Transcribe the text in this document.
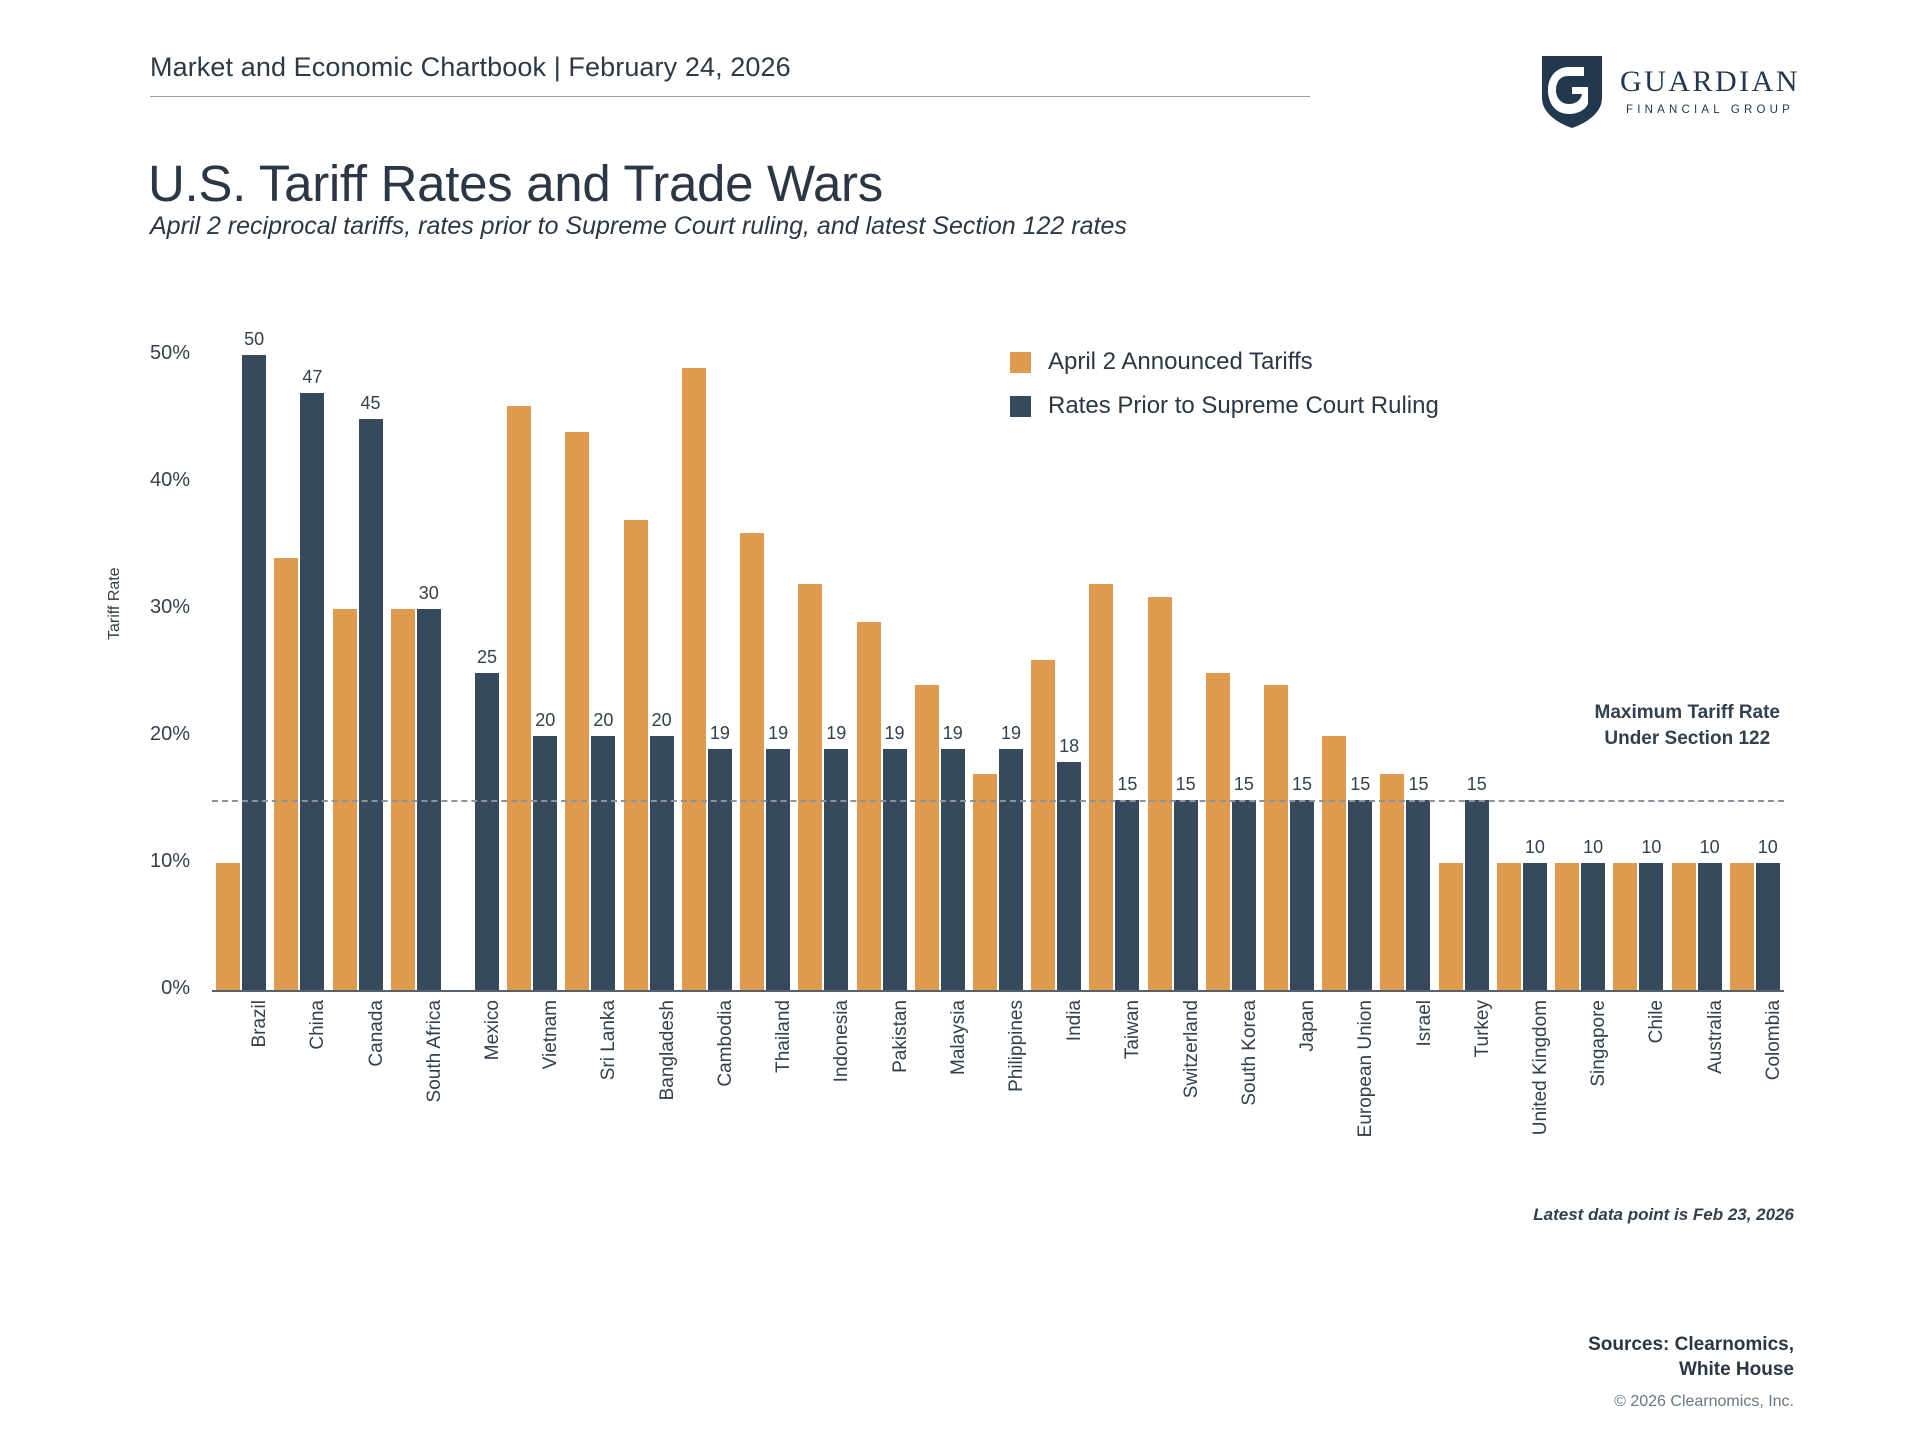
Market and Economic Chartbook | February 24, 2026	GUARDIAN
FINANCIAL GROUP
U.S. Tariff Rates and Trade Wars
April 2 reciprocal tariffs, rates prior to Supreme Court ruling, and latest Section 122 rates
Tariff Rate
0%
10%
20%
30%
40%
50%
50
47
45
30
25
20 20 20
19 19 19 19 19 19
18
15 15 15 15 15 15 15
10 10 10 10 10
Maximum Tariff Rate
Under Section 122
Brazil China Canada South Africa Mexico Vietnam Sri Lanka Bangladesh Cambodia Thailand Indonesia Pakistan Malaysia Philippines India Taiwan Switzerland South Korea Japan European Union Israel Turkey United Kingdom Singapore Chile Australia Colombia
April 2 Announced Tariffs
Rates Prior to Supreme Court Ruling
Latest data point is Feb 23, 2026
Sources: Clearnomics,
White House
© 2026 Clearnomics, Inc.
